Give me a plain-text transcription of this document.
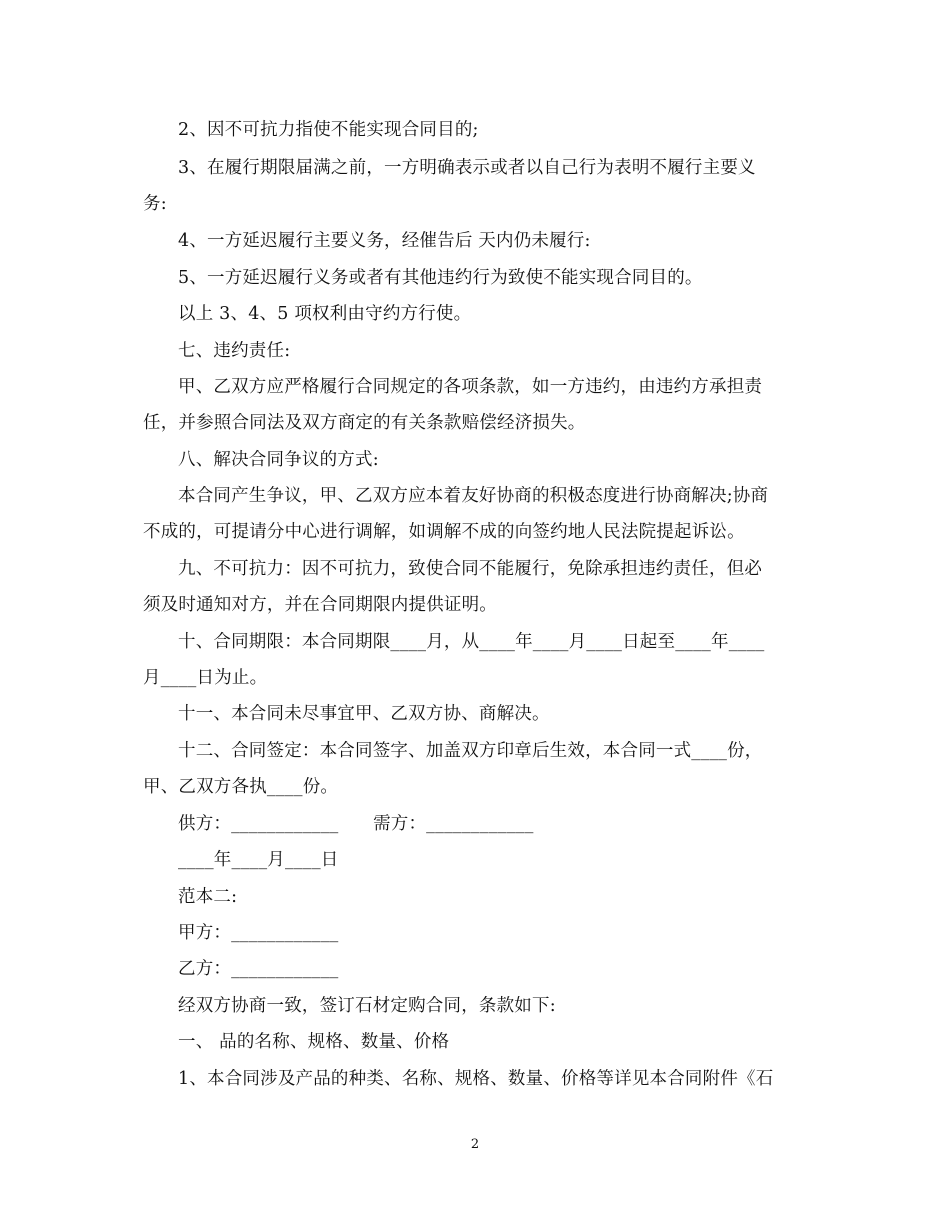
2、因不可抗力指使不能实现合同目的;
3、在履行期限届满之前，一方明确表示或者以自己行为表明不履行主要义
务:
4、一方延迟履行主要义务，经催告后 天内仍未履行:
5、一方延迟履行义务或者有其他违约行为致使不能实现合同目的。
以上 3、4、5 项权利由守约方行使。
七、违约责任:
甲、乙双方应严格履行合同规定的各项条款，如一方违约，由违约方承担责
任，并参照合同法及双方商定的有关条款赔偿经济损失。
八、解决合同争议的方式:
本合同产生争议，甲、乙双方应本着友好协商的积极态度进行协商解决;协商
不成的，可提请分中心进行调解，如调解不成的向签约地人民法院提起诉讼。
九、不可抗力：因不可抗力，致使合同不能履行，免除承担违约责任，但必
须及时通知对方，并在合同期限内提供证明。
十、合同期限：本合同期限____月，从____年____月____日起至____年____
月____日为止。
十一、本合同未尽事宜甲、乙双方协、商解决。
十二、合同签定：本合同签字、加盖双方印章后生效，本合同一式____份，
甲、乙双方各执____份。
供方：____________      需方：____________
____年____月____日
范本二:
甲方：____________
乙方：____________
经双方协商一致，签订石材定购合同，条款如下:
一、 品的名称、规格、数量、价格
1、本合同涉及产品的种类、名称、规格、数量、价格等详见本合同附件《石
2
